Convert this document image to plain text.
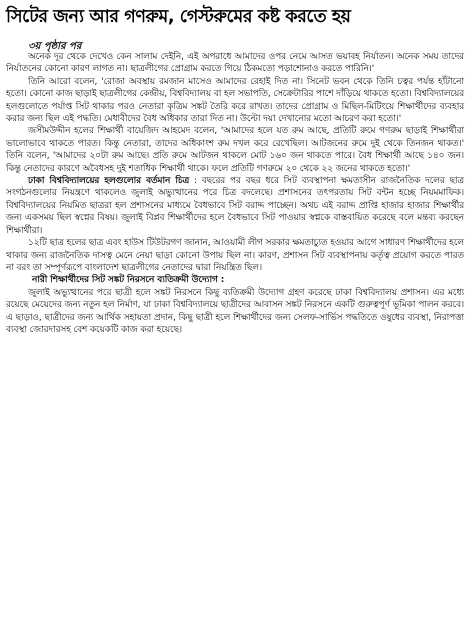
সিটের জন্য আর গণরুম, গেস্টরুমের কষ্ট করতে হয়
৩য় পৃষ্ঠার পর

অনেক দূর থেকে দেখেও কেন সালাম দেইনি, এই অপরাধে আমাদের ওপর নেমে আসত ভয়াবহ নির্যাতন। অনেক সময় তাদের নির্যাতনের কোনো কারণ লাগত না। ছাত্রলীগের প্রোগ্রাম করতে গিয়ে ঠিকমতো পড়াশোনাও করতে পারিনি।'

তিনি আরো বলেন, 'রোজা অবস্থায় রমজান মাসেও আমাদের রেহাই দিত না। সিনেট ভবন থেকে তিনি চত্বর পর্যন্ত হাঁটানো হতো। কোনো কাজ ছাড়াই ছাত্রলীগের কেন্দ্রীয়, বিশ্ববিদ্যালয় বা হল সভাপতি, সেক্রেটারির পাশে দাঁড়িয়ে থাকতে হতো। বিশ্ববিদ্যালয়ের হলগুলোতে পর্যাপ্ত সিট থাকার পরও নেতারা কৃত্রিম সঙ্কট তৈরি করে রাখত। তাদের প্রোগ্রাম ও মিছিল-মিটিংয়ে শিক্ষার্থীদের ব্যবহার করার জন্য ছিল এই পদ্ধতি। মেধাবীদের বৈধ অধিকার তারা দিত না। উল্টো দয়া দেখানোর মতো আচরণ করা হতো।'

জসীমউদ্দীন হলের শিক্ষার্থী বায়েজিদ আহমেদ বলেন, 'আমাদের হলে যত রুম আছে, প্রতিটি রুমে গণরুম ছাড়াই শিক্ষার্থীরা ভালোভাবে থাকতে পারত। কিন্তু নেতারা, তাদের অধিকাংশ রুম দখল করে রেখেছিল। আটজনের রুমে দুই থেকে তিনজন থাকত।' তিনি বলেন, 'আমাদের ২০টা রুম আছে। প্রতি রুমে আটজন থাকলে মোট ১৬০ জন থাকতে পারে। বৈধ শিক্ষার্থী আছে ১৪০ জন। কিন্তু নেতাদের কারণে অবৈধসহ দুই শতাধিক শিক্ষার্থী থাকে। ফলে প্রতিটি গণরুমে ২০ থেকে ২২ জনের থাকতে হতো।'

ঢাকা বিশ্ববিদ্যালয়ের হলগুলোর বর্তমান চিত্র : বছরের পর বছর ধরে সিট ব্যবস্থাপনা ক্ষমতাসীন রাজনৈতিক দলের ছাত্র সংগঠনগুলোর নিয়ন্ত্রণে থাকলেও জুলাই অভ্যুত্থানের পরে চিত্র বদলেছে। প্রশাসনের তৎপরতায় সিট বন্টন হচ্ছে নিয়মমাফিক। বিশ্ববিদ্যালয়ের নিয়মিত ছাত্ররা হল প্রশাসনের মাধ্যমে বৈধভাবে সিট বরাদ্দ পাচ্ছেন। অথচ এই বরাদ্দ প্রাপ্তি হাজার হাজার শিক্ষার্থীর জন্য একসময় ছিল স্বপ্নের বিষয়। জুলাই বিপ্লব শিক্ষার্থীদের হলে বৈধভাবে সিট পাওয়ার স্বপ্নকে বাস্তবায়িত করেছে বলে মন্তব্য করছেন শিক্ষার্থীরা।

১২টি ছাত্র হলের ছাত্র এবং হাউস টিউটরগণ জানান, আওয়ামী লীগ সরকার ক্ষমতাচ্যুত হওয়ার আগে সাধারণ শিক্ষার্থীদের হলে থাকার জন্য রাজনৈতিক দাসত্ব মেনে নেয়া ছাড়া কোনো উপায় ছিল না। কারণ, প্রশাসন সিট ব্যবস্থাপনায় কর্তৃত্ব প্রয়োগ করতে পারত না বরং তা সম্পূর্ণরূপে বাংলাদেশ ছাত্রলীগের নেতাদের দ্বারা নিয়ন্ত্রিত ছিল।

নারী শিক্ষার্থীদের সিট সঙ্কট নিরসনে ব্যতিক্রমী উদ্যোগ :

জুলাই অভ্যুত্থানের পরে ছাত্রী হলে সঙ্কট নিরসনে কিছু ব্যতিক্রমী উদ্যোগ গ্রহণ করেছে ঢাকা বিশ্ববিদ্যালয় প্রশাসন। এর মধ্যে রয়েছে মেয়েদের জন্য নতুন হল নির্মাণ, যা ঢাকা বিশ্ববিদ্যালয়ে ছাত্রীদের আবাসন সঙ্কট নিরসনে একটি গুরুত্বপূর্ণ ভূমিকা পালন করবে। এ ছাড়াও, ছাত্রীদের জন্য আর্থিক সহায়তা প্রদান, কিছু ছাত্রী হলে শিক্ষার্থীদের জন্য সেলফ-সার্ভিস পদ্ধতিতে ওষুধের ব্যবস্থা, নিরাপত্তা ব্যবস্থা জোরদারসহ বেশ কয়েকটি কাজ করা হয়েছে।
